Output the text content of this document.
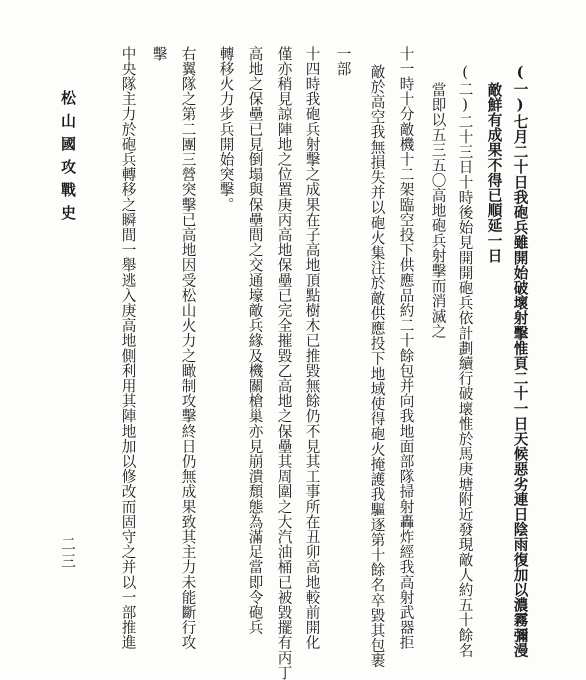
(一)七月二十日我砲兵雖開始破壞射擊惟頁二十一日天候惡劣連日陰雨復加以濃霧彌漫
敵鮮有成果不得已順延一日
(二)二十三日十時後始見開開砲兵依計劃續行破壞惟於馬庚塘附近發現敵人約五十餘名
當即以五三五〇高地砲兵射擊而消滅之
十一時十分敵機十二架臨空投下供應品約二十餘包并向我地面部隊掃射轟炸經我高射武器拒
敵於高空我無損失并以砲火集注於敵供應投下地域使得砲火掩護我驅逐第十餘名卒毀其包裹
一部
十四時我砲兵射擊之成果在子高地頂點樹木已推毀無餘仍不見其工事所在丑卯高地較前開化
僅亦稍見諒陣地之位置庚丙高地保壘已完全摧毀乙高地之保壘其周圍之大汽油桶已被毀擺有丙丁
高地之保壘已見倒塌與保壘間之交通壕敵兵緣及機關槍巢亦見崩潰頹態為滿足當即令砲兵
轉移火力步兵開始突擊。
右翼隊之第二團三營突擊已高地因受松山火力之瞰制攻擊終日仍無成果致其主力未能斷行攻
擊
中央隊主力於砲兵轉移之瞬間一舉逃入庚高地側利用其陣地加以修改而固守之并以一部推進
松山國攻戰史
二三
